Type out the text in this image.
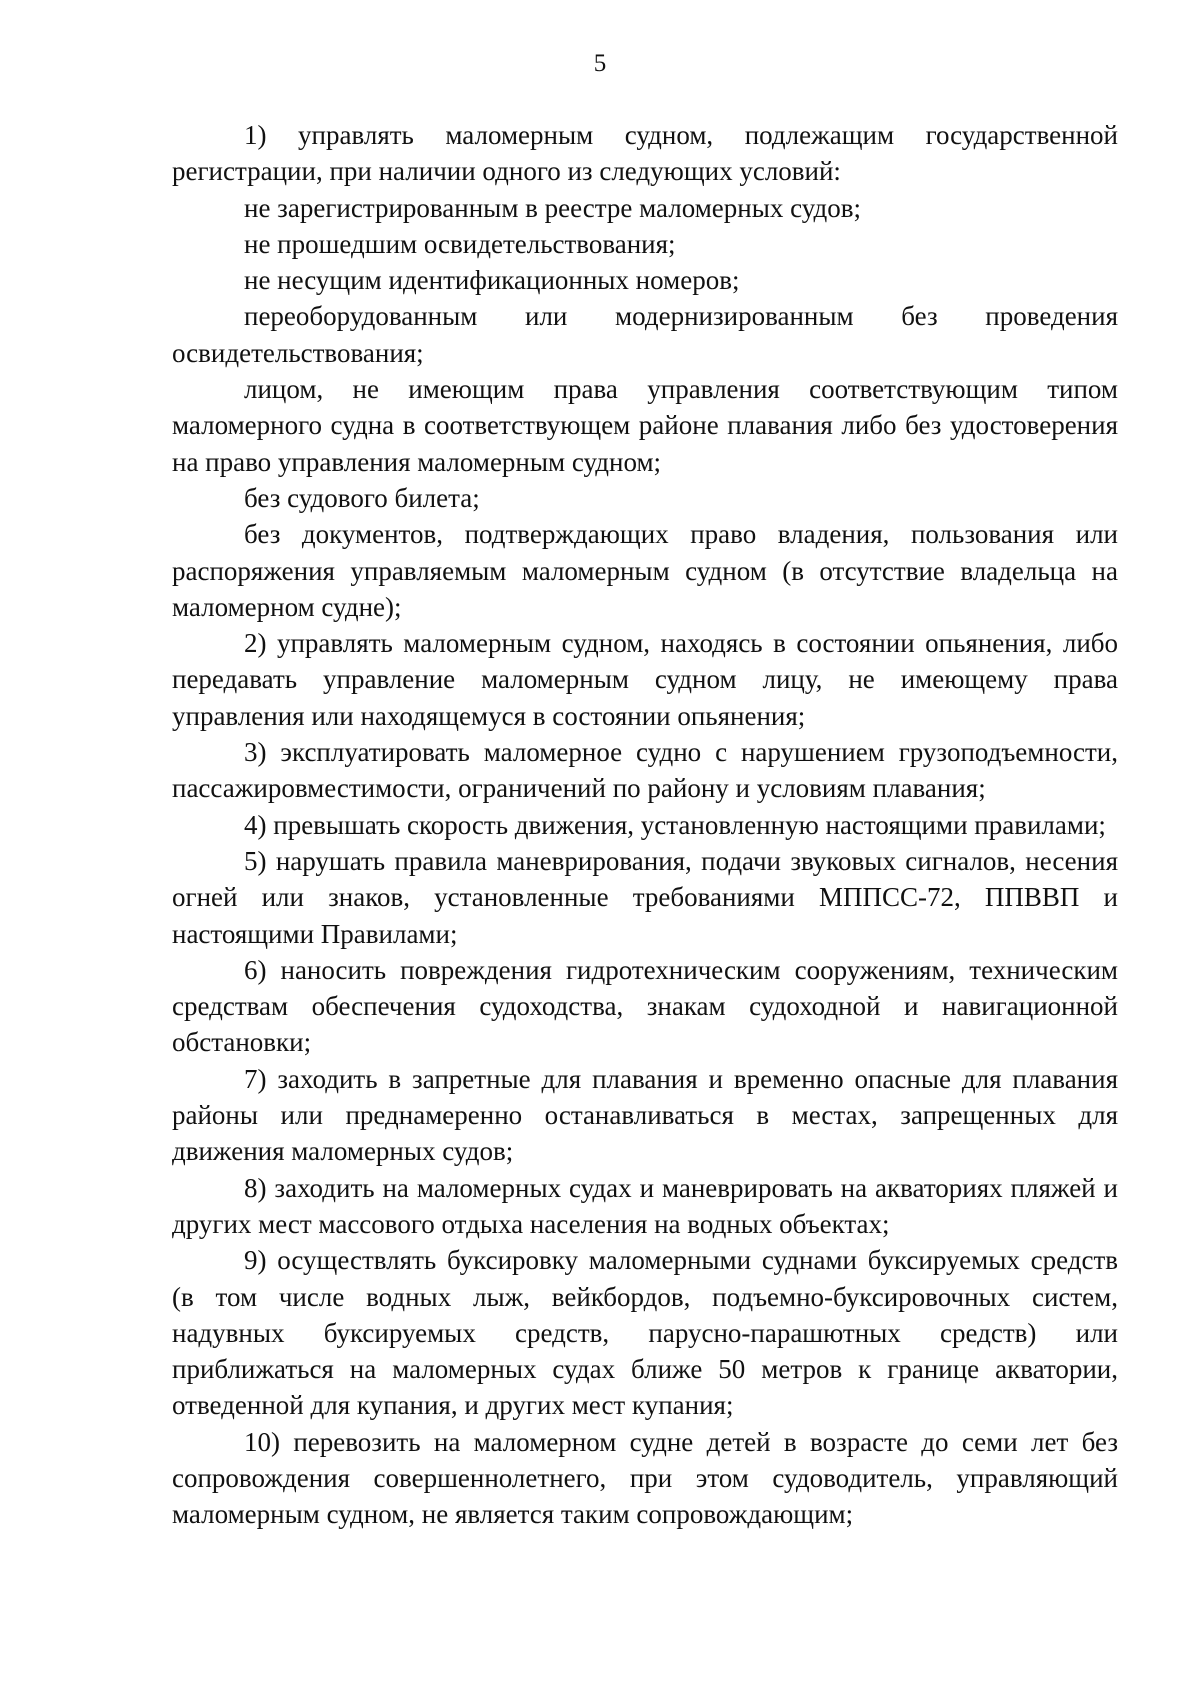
5

1) управлять маломерным судном, подлежащим государственной регистрации, при наличии одного из следующих условий:

не зарегистрированным в реестре маломерных судов;

не прошедшим освидетельствования;

не несущим идентификационных номеров;

переоборудованным или модернизированным без проведения освидетельствования;

лицом, не имеющим права управления соответствующим типом маломерного судна в соответствующем районе плавания либо без удостоверения на право управления маломерным судном;

без судового билета;

без документов, подтверждающих право владения, пользования или распоряжения управляемым маломерным судном (в отсутствие владельца на маломерном судне);

2) управлять маломерным судном, находясь в состоянии опьянения, либо передавать управление маломерным судном лицу, не имеющему права управления или находящемуся в состоянии опьянения;

3) эксплуатировать маломерное судно с нарушением грузоподъемности, пассажировместимости, ограничений по району и условиям плавания;

4) превышать скорость движения, установленную настоящими правилами;

5) нарушать правила маневрирования, подачи звуковых сигналов, несения огней или знаков, установленные требованиями МППСС-72, ППВВП и настоящими Правилами;

6) наносить повреждения гидротехническим сооружениям, техническим средствам обеспечения судоходства, знакам судоходной и навигационной обстановки;

7) заходить в запретные для плавания и временно опасные для плавания районы или преднамеренно останавливаться в местах, запрещенных для движения маломерных судов;

8) заходить на маломерных судах и маневрировать на акваториях пляжей и других мест массового отдыха населения на водных объектах;

9) осуществлять буксировку маломерными суднами буксируемых средств (в том числе водных лыж, вейкбордов, подъемно-буксировочных систем, надувных буксируемых средств, парусно-парашютных средств) или приближаться на маломерных судах ближе 50 метров к границе акватории, отведенной для купания, и других мест купания;

10) перевозить на маломерном судне детей в возрасте до семи лет без сопровождения совершеннолетнего, при этом судоводитель, управляющий маломерным судном, не является таким сопровождающим;
